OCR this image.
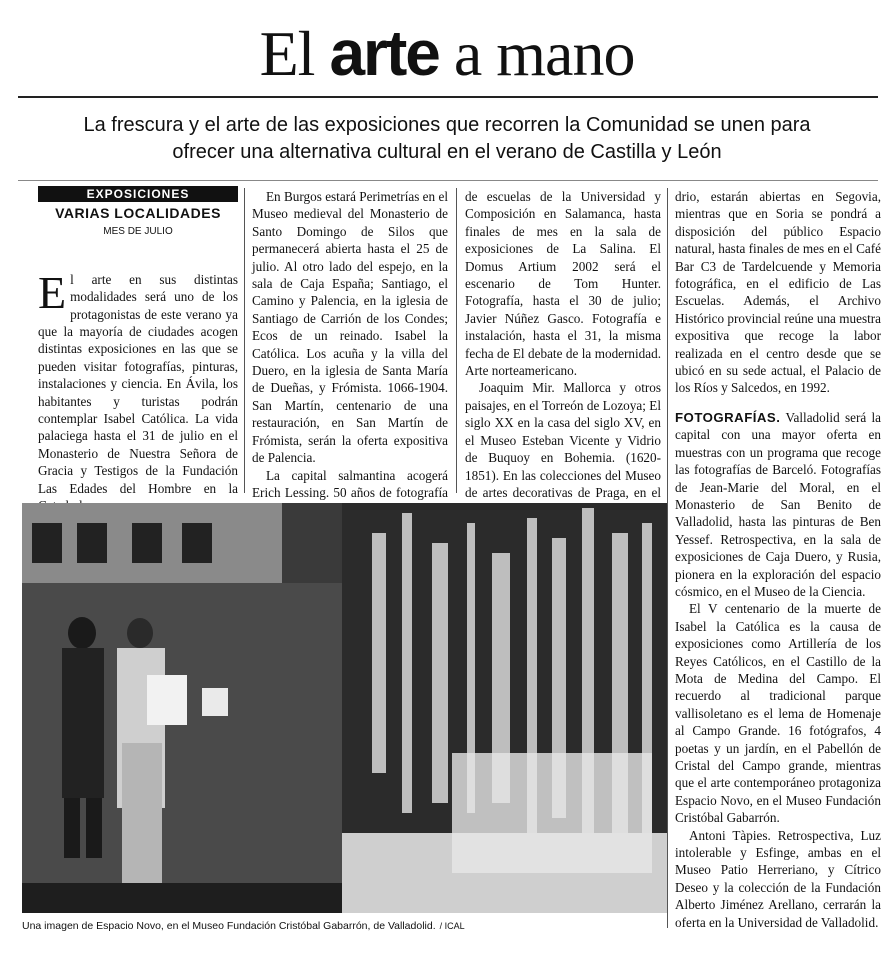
El arte a mano
La frescura y el arte de las exposiciones que recorren la Comunidad se unen para ofrecer una alternativa cultural en el verano de Castilla y León
EXPOSICIONES
VARIAS LOCALIDADES
MES DE JULIO

El arte en sus distintas modalidades será uno de los protagonistas de este verano ya que la mayoría de ciudades acogen distintas exposiciones en las que se pueden visitar fotografías, pinturas, instalaciones y ciencia. En Ávila, los habitantes y turistas podrán contemplar Isabel Católica. La vida palaciega hasta el 31 de julio en el Monasterio de Nuestra Señora de Gracia y Testigos de la Fundación Las Edades del Hombre en la

En Burgos estará Perimetrías en el Museo medieval del Monasterio de Santo Domingo de Silos que permanecerá abierta hasta el 25 de julio. Al otro lado del espejo, en la sala de Caja España; Santiago, el Camino y Palencia, en la iglesia de Santiago de Carrión de los Condes; Ecos de un reinado. Isabel la Católica. Los acuña y la villa del Duero, en la iglesia de Santa María de Dueñas, y Frómista. 1066-1904. San Martín, centenario de una restauración, en San Martín de Frómista, serán la oferta expositiva de Palencia.

La capital salmantina acogerá Erich Lessing. 50 años de fotografía

de escuelas de la Universidad y Composición en Salamanca, hasta finales de mes en la sala de exposiciones de La Salina. El Domus Artium 2002 será el escenario de Tom Hunter. Fotografía, hasta el 30 de julio; Javier Núñez Gasco. Fotografía e instalación, hasta el 31, la misma fecha de El debate de la modernidad. Arte norteamericano.

Joaquim Mir. Mallorca y otros paisajes, en el Torreón de Lozoya; El siglo XX en la casa del siglo XV, en el Museo Esteban Vicente y Vidrio de Buquoy en Bohemia. (1620-1851). En las colecciones del Museo de artes decorativas de Praga, en el

drio, estarán abiertas en Segovia, mientras que en Soria se pondrá a disposición del público Espacio natural, hasta finales de mes en el Café Bar C3 de Tardelcuende y Memoria fotográfica, en el edificio de Las Escuelas. Además, el Archivo Histórico provincial reúne una muestra expositiva que recoge la labor realizada en el centro desde que se ubicó en su sede actual, el Palacio de los Ríos y Salcedos, en 1992.

FOTOGRAFÍAS. Valladolid será la capital con una mayor oferta en muestras con un programa que recoge las fotografías de Barceló. Fotografías de Jean-Marie del Moral, en el Monasterio de San Benito de Valladolid, hasta las pinturas de Ben Yessef. Retrospectiva, en la sala de exposiciones de Caja Duero, y Rusia, pionera en la exploración del espacio cósmico, en el Museo de la Ciencia.

El V centenario de la muerte de Isabel la Católica es la causa de exposiciones como Artillería de los Reyes Católicos, en el Castillo de la Mota de Medina del Campo. El recuerdo al tradicional parque vallisoletano es el lema de Homenaje al Campo Grande. 16 fotógrafos, 4 poetas y un jardín, en el Pabellón de Cristal del Campo grande, mientras que el arte contemporáneo protagoniza Espacio Novo, en el Museo Fundación Cristóbal Gabarrón.

Antoni Tàpies. Retrospectiva, Luz intolerable y Esfinge, ambas en el Museo Patio Herreriano, y Cítrico Deseo y la colección de la Fundación Alberto Jiménez Arellano, cerrarán la oferta en la Universidad de Valladolid.

Una imagen de Espacio Novo, en el Museo Fundación Cristóbal Gabarrón, de Valladolid. / ICAL
